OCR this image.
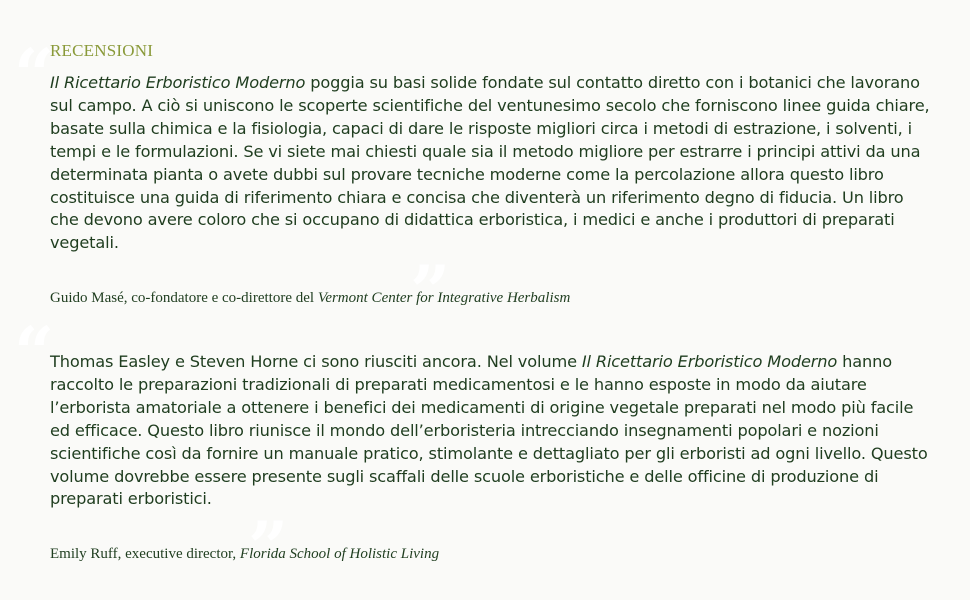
RECENSIONI
“
Il Ricettario Erboristico Moderno poggia su basi solide fondate sul contatto diretto con i botanici che lavorano sul campo. A ciò si uniscono le scoperte scientifiche del ventunesimo secolo che forniscono linee guida chiare, basate sulla chimica e la fisiologia, capaci di dare le risposte migliori circa i metodi di estrazione, i solventi, i tempi e le formulazioni. Se vi siete mai chiesti quale sia il metodo migliore per estrarre i principi attivi da una determinata pianta o avete dubbi sul provare tecniche moderne come la percolazione allora questo libro costituisce una guida di riferimento chiara e concisa che diventerà un riferimento degno di fiducia. Un libro che devono avere coloro che si occupano di didattica erboristica, i medici e anche i produttori di preparati vegetali.
”
Guido Masé, co-fondatore e co-direttore del Vermont Center for Integrative Herbalism
“
Thomas Easley e Steven Horne ci sono riusciti ancora. Nel volume Il Ricettario Erboristico Moderno hanno raccolto le preparazioni tradizionali di preparati medicamentosi e le hanno esposte in modo da aiutare l’erborista amatoriale a ottenere i benefici dei medicamenti di origine vegetale preparati nel modo più facile ed efficace. Questo libro riunisce il mondo dell’erboristeria intrecciando insegnamenti popolari e nozioni scientifiche così da fornire un manuale pratico, stimolante e dettagliato per gli erboristi ad ogni livello. Questo volume dovrebbe essere presente sugli scaffali delle scuole erboristiche e delle officine di produzione di preparati erboristici.
”
Emily Ruff, executive director, Florida School of Holistic Living
